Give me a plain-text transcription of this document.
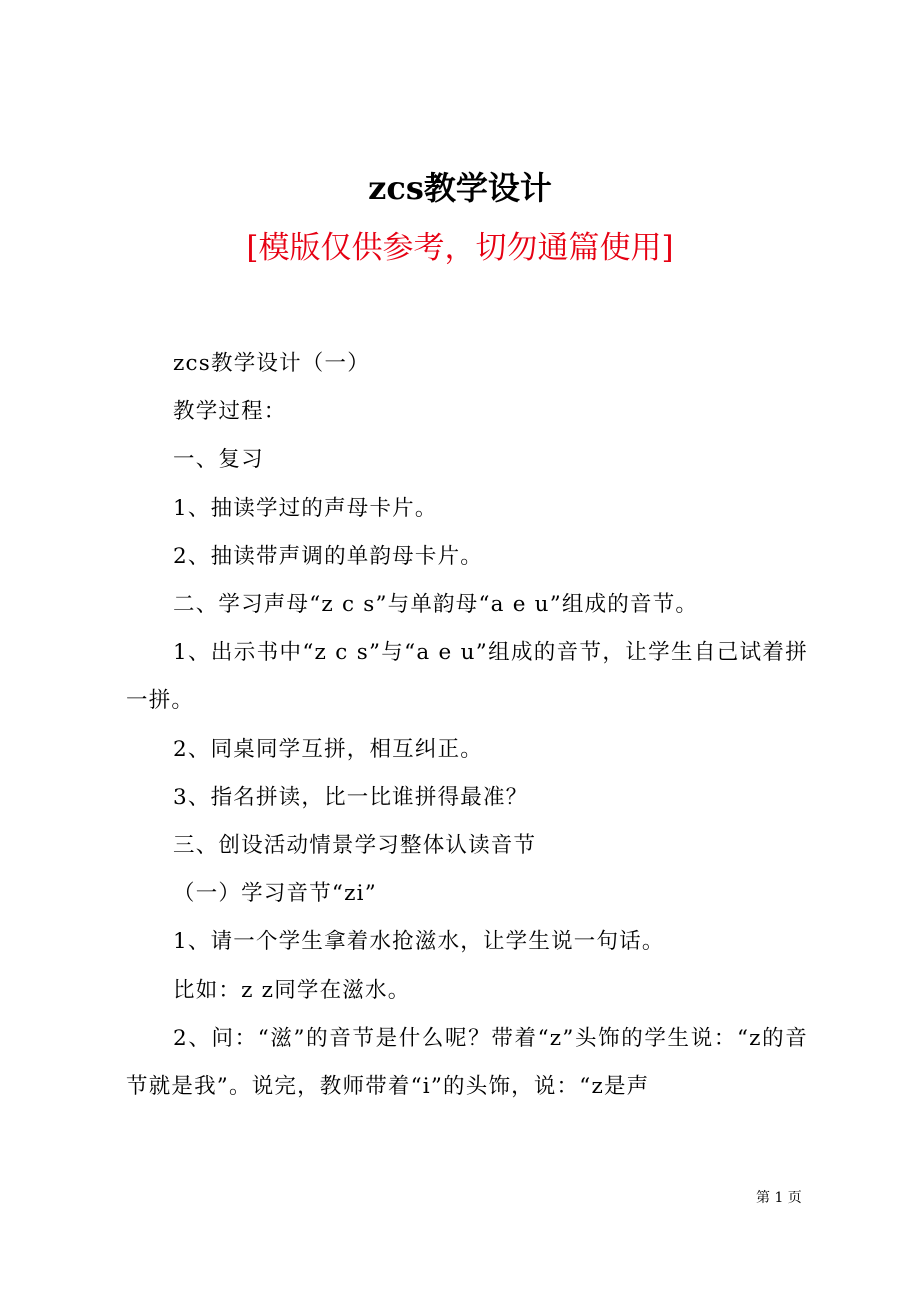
zcs教学设计
[模版仅供参考，切勿通篇使用]

zcs教学设计（一）

教学过程：

一、复习

1、抽读学过的声母卡片。

2、抽读带声调的单韵母卡片。

二、学习声母“z c s”与单韵母“a e u”组成的音节。

1、出示书中“z c s”与“a e u”组成的音节，让学生自己试着拼一拼。

2、同桌同学互拼，相互纠正。

3、指名拼读，比一比谁拼得最准？

三、创设活动情景学习整体认读音节

（一）学习音节“zi”

1、请一个学生拿着水抢滋水，让学生说一句话。

比如：z z同学在滋水。

2、问：“滋”的音节是什么呢？带着“z”头饰的学生说：“z的音节就是我”。说完，教师带着“i”的头饰，说：“z是声

第 1 页
